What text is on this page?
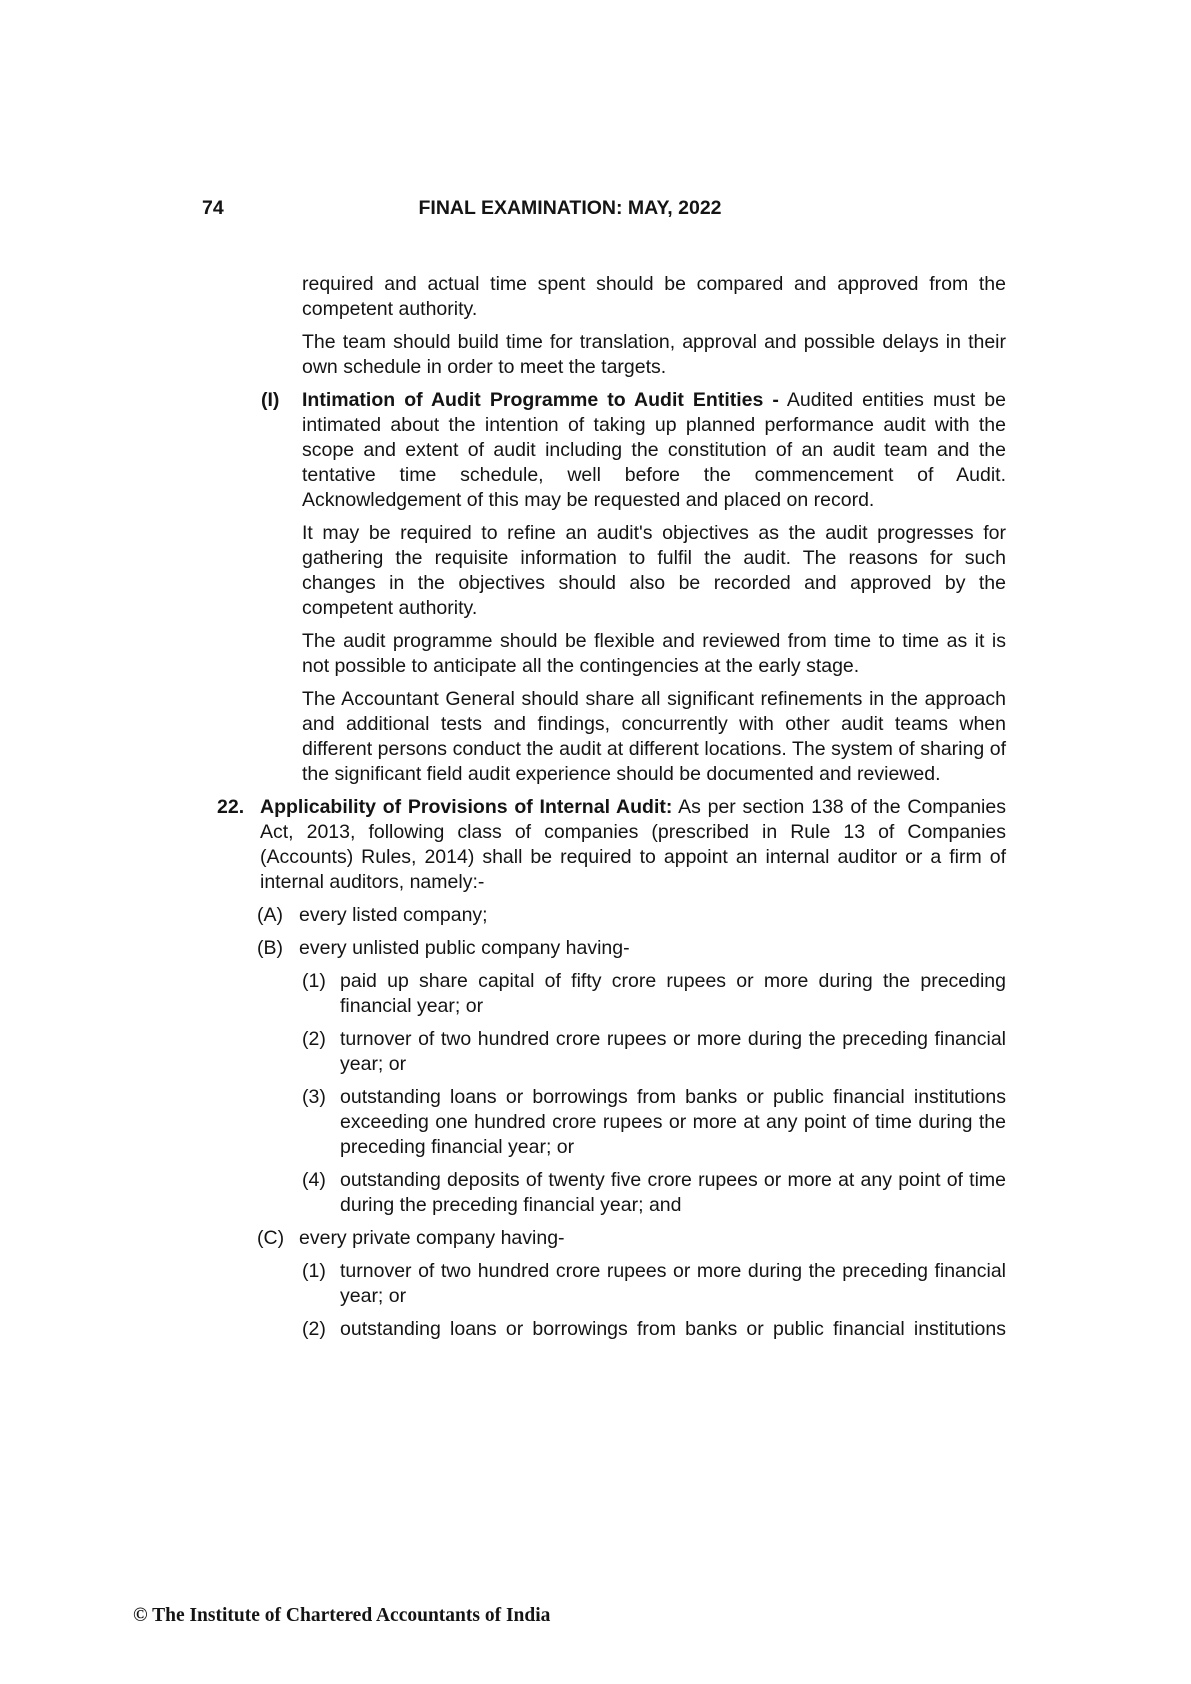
74	FINAL EXAMINATION: MAY, 2022

required and actual time spent should be compared and approved from the competent authority.

The team should build time for translation, approval and possible delays in their own schedule in order to meet the targets.

(I)	Intimation of Audit Programme to Audit Entities - Audited entities must be intimated about the intention of taking up planned performance audit with the scope and extent of audit including the constitution of an audit team and the tentative time schedule, well before the commencement of Audit. Acknowledgement of this may be requested and placed on record.

It may be required to refine an audit's objectives as the audit progresses for gathering the requisite information to fulfil the audit. The reasons for such changes in the objectives should also be recorded and approved by the competent authority.

The audit programme should be flexible and reviewed from time to time as it is not possible to anticipate all the contingencies at the early stage.

The Accountant General should share all significant refinements in the approach and additional tests and findings, concurrently with other audit teams when different persons conduct the audit at different locations. The system of sharing of the significant field audit experience should be documented and reviewed.

22. Applicability of Provisions of Internal Audit: As per section 138 of the Companies Act, 2013, following class of companies (prescribed in Rule 13 of Companies (Accounts) Rules, 2014) shall be required to appoint an internal auditor or a firm of internal auditors, namely:-

(A) every listed company;
(B) every unlisted public company having-
(1) paid up share capital of fifty crore rupees or more during the preceding financial year; or
(2) turnover of two hundred crore rupees or more during the preceding financial year; or
(3) outstanding loans or borrowings from banks or public financial institutions exceeding one hundred crore rupees or more at any point of time during the preceding financial year; or
(4) outstanding deposits of twenty five crore rupees or more at any point of time during the preceding financial year; and
(C) every private company having-
(1) turnover of two hundred crore rupees or more during the preceding financial year; or
(2) outstanding loans or borrowings from banks or public financial institutions
© The Institute of Chartered Accountants of India
